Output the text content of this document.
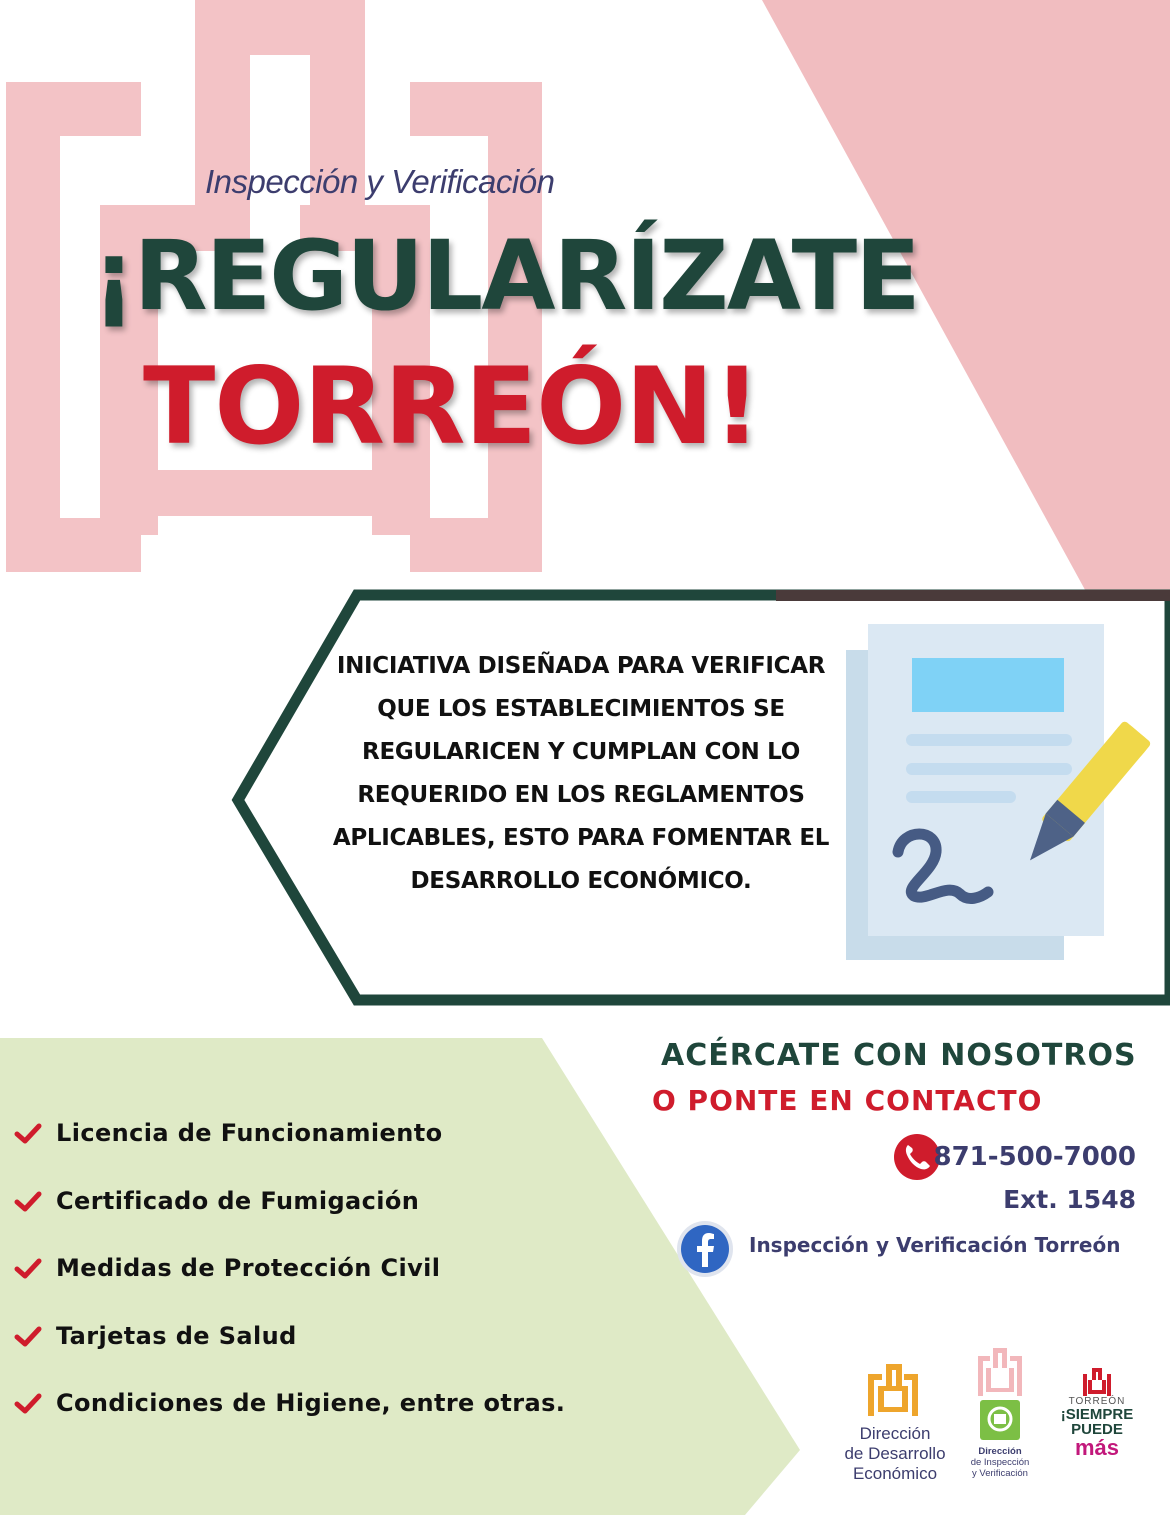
Inspección y Verificación
¡REGULARÍZATE
TORREÓN!
INICIATIVA DISEÑADA PARA VERIFICAR QUE LOS ESTABLECIMIENTOS SE REGULARICEN Y CUMPLAN CON LO REQUERIDO EN LOS REGLAMENTOS APLICABLES, ESTO PARA FOMENTAR EL DESARROLLO ECONÓMICO.
Licencia de Funcionamiento
Certificado de Fumigación
Medidas de Protección Civil
Tarjetas de Salud
Condiciones de Higiene, entre otras.
ACÉRCATE CON NOSOTROS
O PONTE EN CONTACTO
871-500-7000
Ext. 1548
Inspección y Verificación Torreón
Dirección
de Desarrollo
Económico
Dirección
de Inspección
y Verificación
TORREÓN
¡SIEMPRE
PUEDE
más
